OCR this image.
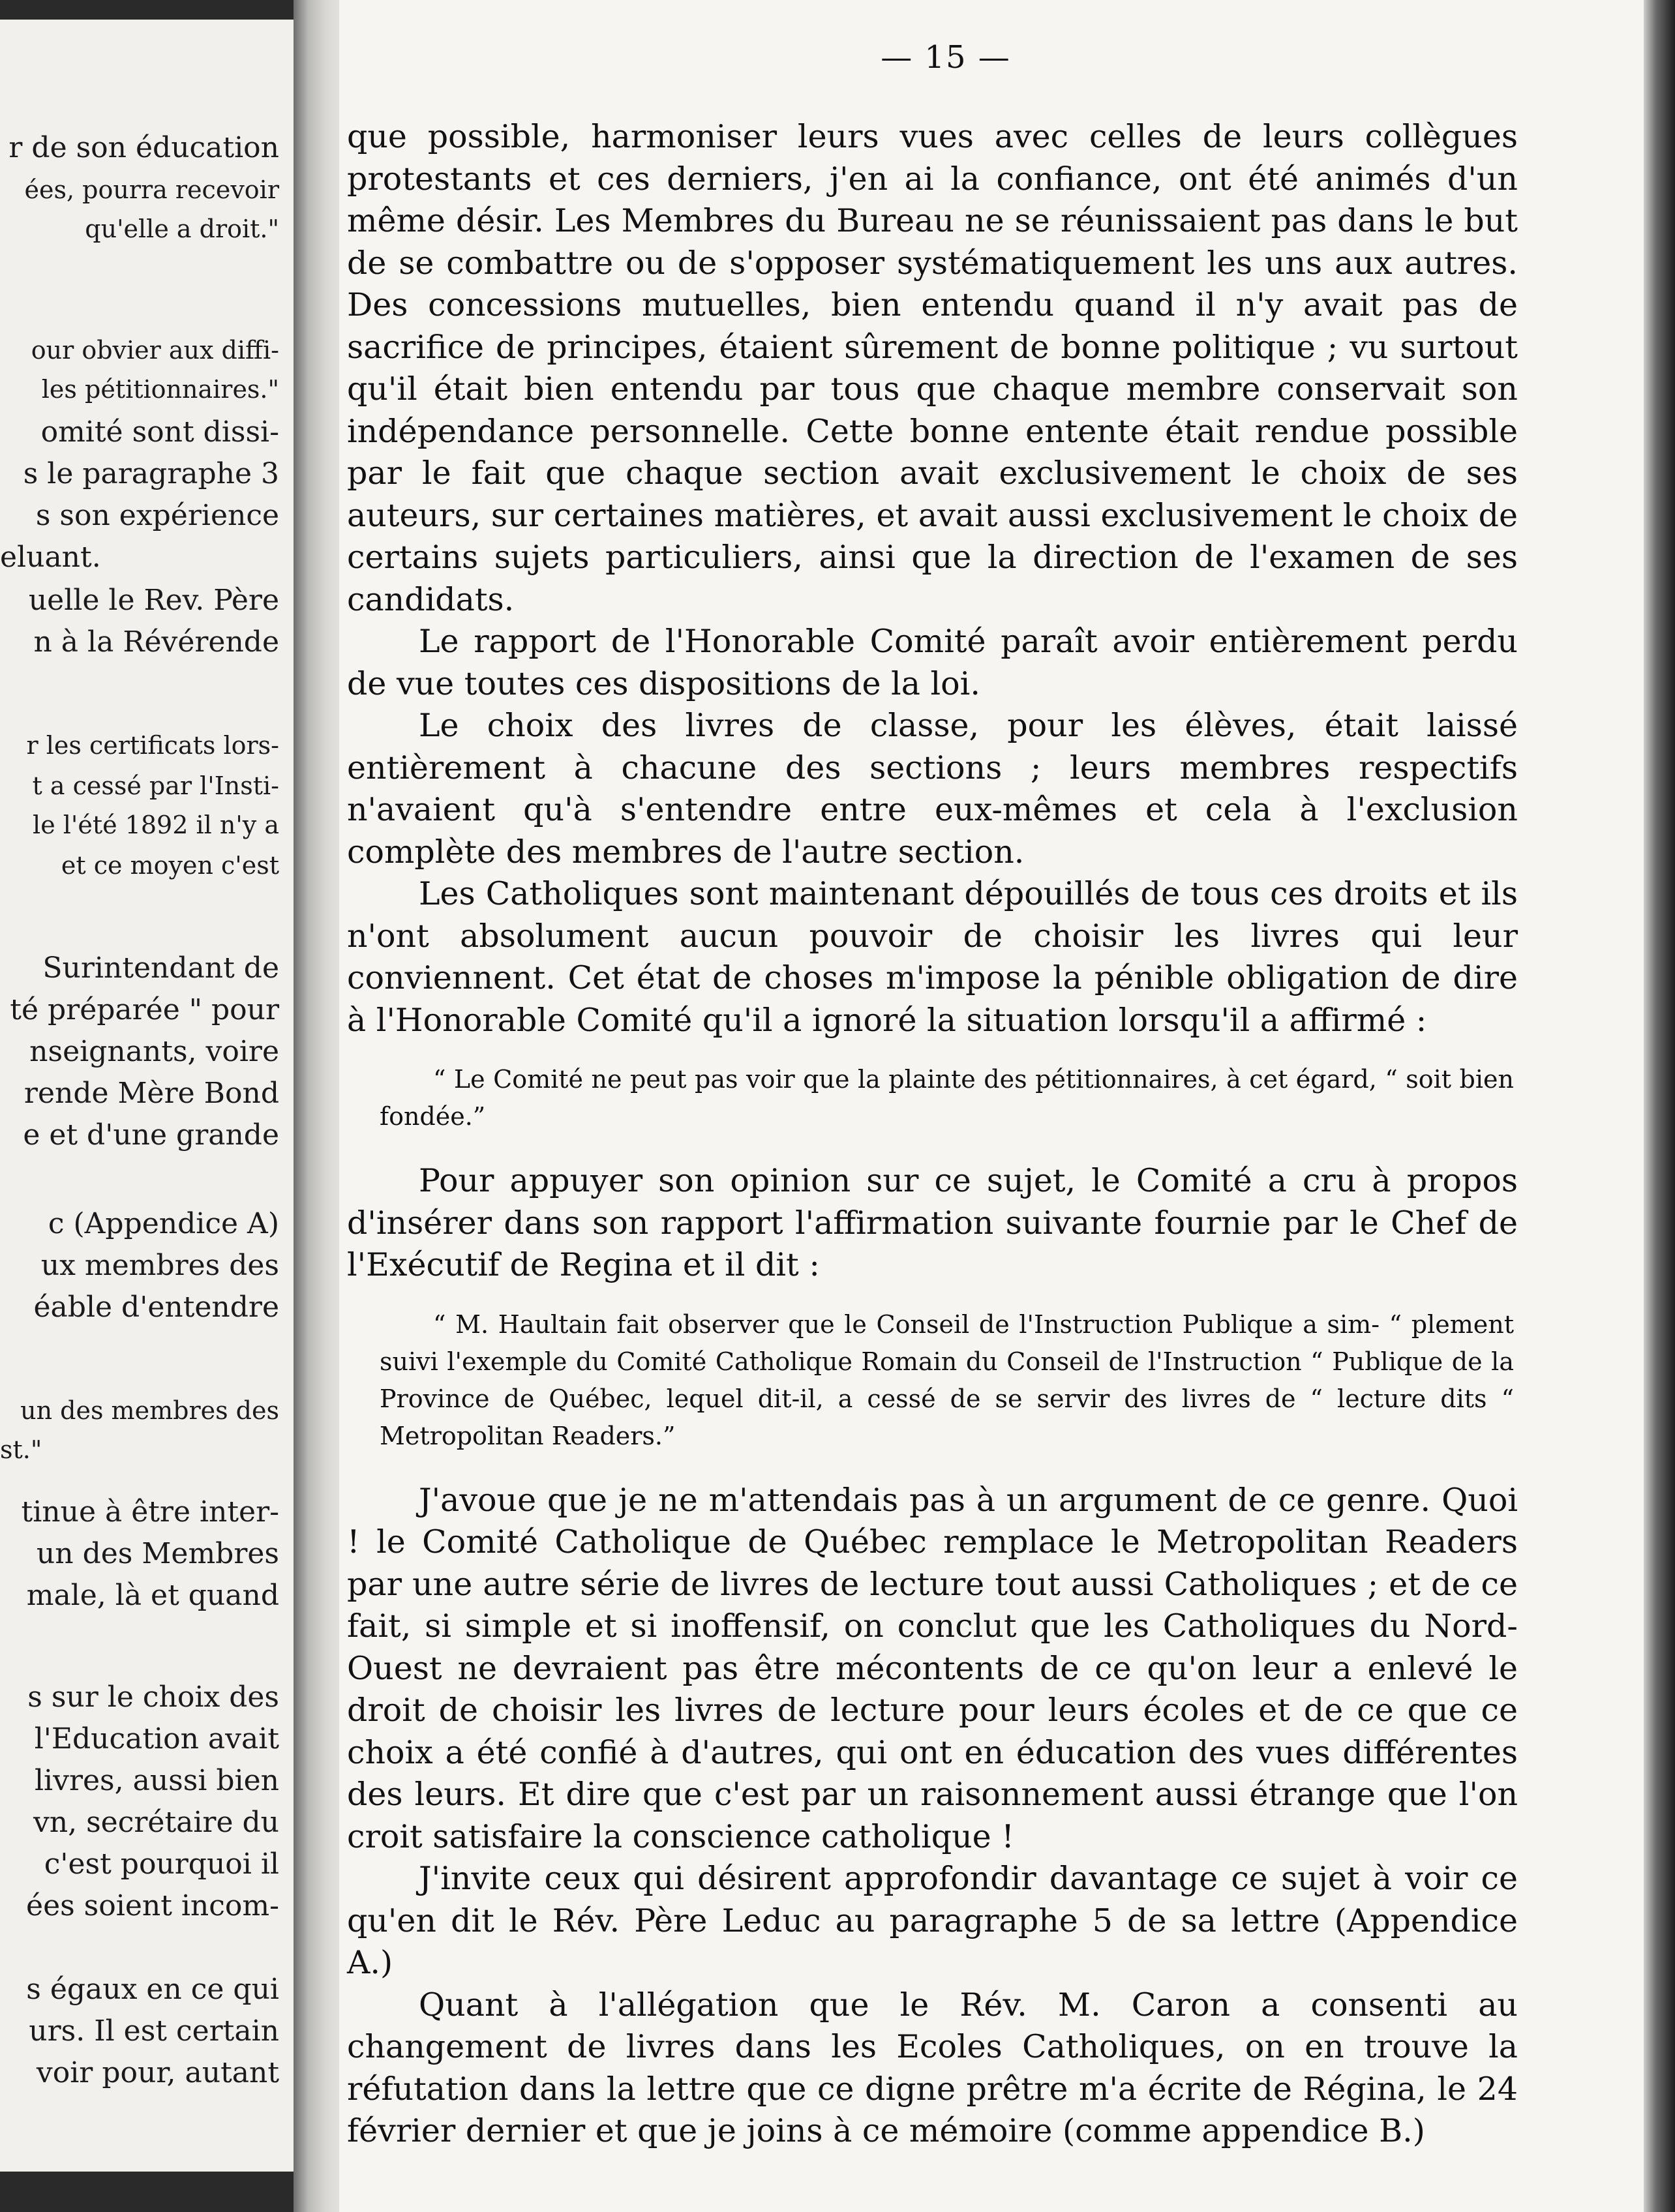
r de son éducation
ées, pourra recevoir
qu'elle a droit."
our obvier aux diffi-
les pétitionnaires."
omité sont dissi-
s le paragraphe 3
s son expérience
eluant.
uelle le Rev. Père
n à la Révérende
r les certificats lors-
t a cessé par l'Insti-
le l'été 1892 il n'y a
et ce moyen c'est
Surintendant de
té préparée " pour
nseignants, voire
rende Mère Bond
e et d'une grande
c (Appendice A)
ux membres des
éable d'entendre
un des membres des
st."
tinue à être inter-
un des Membres
male, là et quand
s sur le choix des
l'Education avait
livres, aussi bien
vn, secrétaire du
c'est pourquoi il
ées soient incom-
s égaux en ce qui
urs. Il est certain
voir pour, autant
— 15 —

que possible, harmoniser leurs vues avec celles de leurs collègues protestants et ces derniers, j'en ai la confiance, ont été animés d'un même désir. Les Membres du Bureau ne se réunissaient pas dans le but de se combattre ou de s'opposer systématiquement les uns aux autres. Des concessions mutuelles, bien entendu quand il n'y avait pas de sacrifice de principes, étaient sûrement de bonne politique ; vu surtout qu'il était bien entendu par tous que chaque membre conservait son indépendance personnelle. Cette bonne entente était rendue possible par le fait que chaque section avait exclusivement le choix de ses auteurs, sur certaines matières, et avait aussi exclusivement le choix de certains sujets particuliers, ainsi que la direction de l'examen de ses candidats.

Le rapport de l'Honorable Comité paraît avoir entièrement perdu de vue toutes ces dispositions de la loi.

Le choix des livres de classe, pour les élèves, était laissé entièrement à chacune des sections ; leurs membres respectifs n'avaient qu'à s'entendre entre eux-mêmes et cela à l'exclusion complète des membres de l'autre section.

Les Catholiques sont maintenant dépouillés de tous ces droits et ils n'ont absolument aucun pouvoir de choisir les livres qui leur conviennent. Cet état de choses m'impose la pénible obligation de dire à l'Honorable Comité qu'il a ignoré la situation lorsqu'il a affirmé :

“ Le Comité ne peut pas voir que la plainte des pétitionnaires, à cet égard, “ soit bien fondée.”

Pour appuyer son opinion sur ce sujet, le Comité a cru à propos d'insérer dans son rapport l'affirmation suivante fournie par le Chef de l'Exécutif de Regina et il dit :

“ M. Haultain fait observer que le Conseil de l'Instruction Publique a sim- “ plement suivi l'exemple du Comité Catholique Romain du Conseil de l'Instruction “ Publique de la Province de Québec, lequel dit-il, a cessé de se servir des livres de “ lecture dits “ Metropolitan Readers.”

J'avoue que je ne m'attendais pas à un argument de ce genre. Quoi ! le Comité Catholique de Québec remplace le Metropolitan Readers par une autre série de livres de lecture tout aussi Catholiques ; et de ce fait, si simple et si inoffensif, on conclut que les Catholiques du Nord-Ouest ne devraient pas être mécontents de ce qu'on leur a enlevé le droit de choisir les livres de lecture pour leurs écoles et de ce que ce choix a été confié à d'autres, qui ont en éducation des vues différentes des leurs. Et dire que c'est par un raisonnement aussi étrange que l'on croit satisfaire la conscience catholique !

J'invite ceux qui désirent approfondir davantage ce sujet à voir ce qu'en dit le Rév. Père Leduc au paragraphe 5 de sa lettre (Appendice A.)

Quant à l'allégation que le Rév. M. Caron a consenti au changement de livres dans les Ecoles Catholiques, on en trouve la réfutation dans la lettre que ce digne prêtre m'a écrite de Régina, le 24 février dernier et que je joins à ce mémoire (comme appendice B.)
